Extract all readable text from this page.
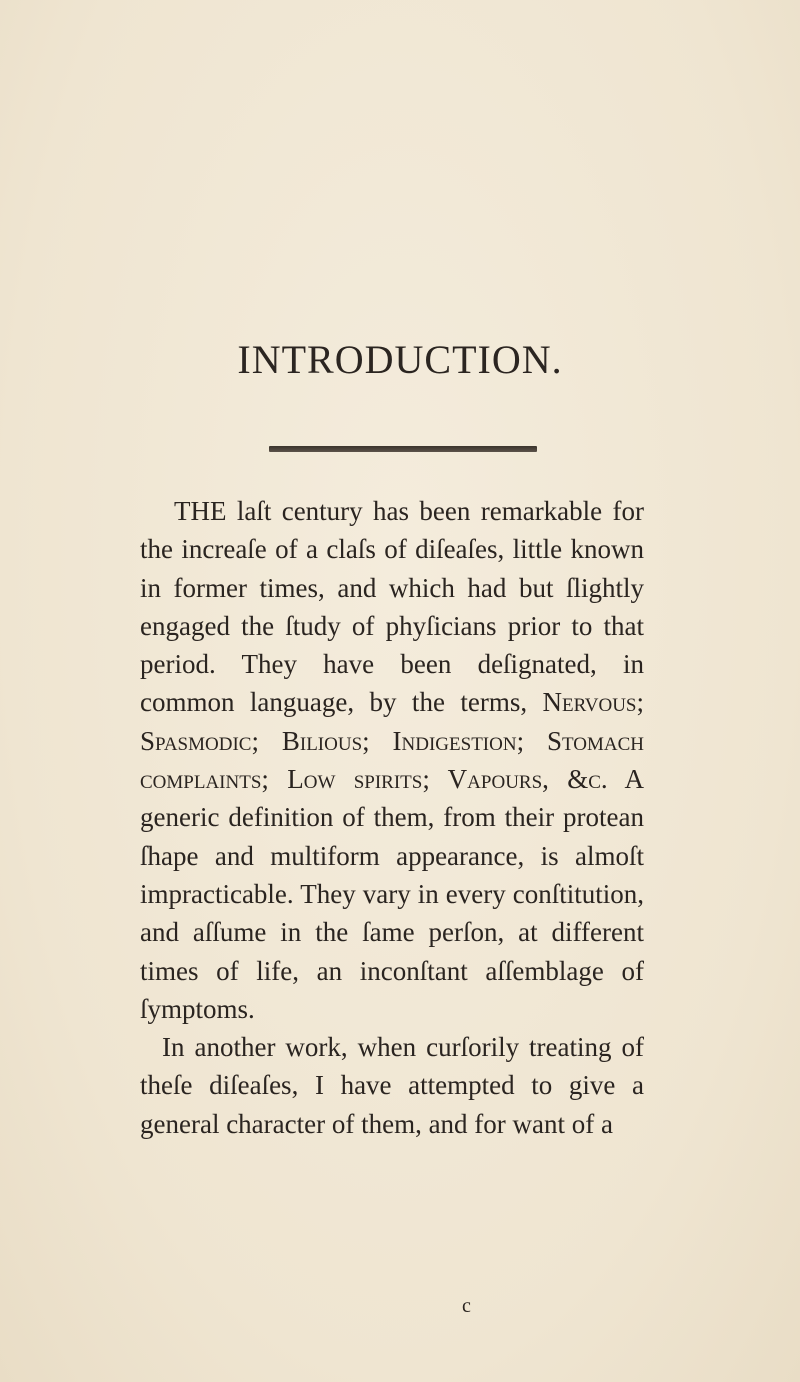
INTRODUCTION.

THE laſt century has been remarkable for the increaſe of a claſs of diſeaſes, little known in former times, and which had but ſlightly engaged the ſtudy of phyſicians prior to that period. They have been deſignated, in common language, by the terms, Nervous; Spasmodic; Bilious; Indigestion; Stomach complaints; Low spirits; Vapours, &c. A generic definition of them, from their protean ſhape and multiform appearance, is almoſt impracticable. They vary in every conſtitution, and aſſume in the ſame perſon, at different times of life, an inconſtant aſſemblage of ſymptoms.

In another work, when curſorily treating of theſe diſeaſes, I have attempted to give a general character of them, and for want of a

c
